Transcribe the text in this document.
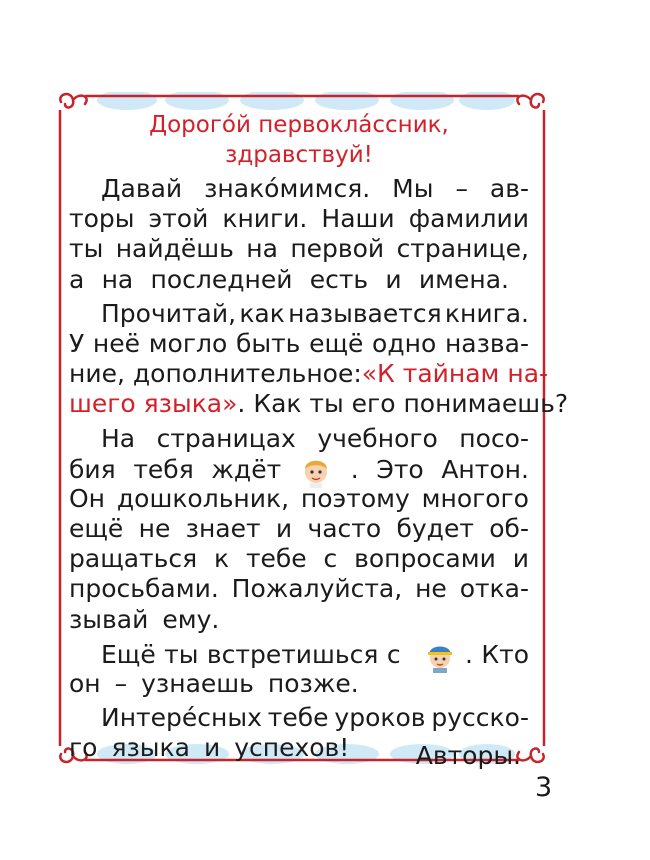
Дорого́й первокла́ссник,

здравствуй!

Давай знако́мимся. Мы – ав-
торы этой книги. Наши фамилии
ты найдёшь на первой странице,
а на последней есть и имена.
Прочитай, как называется книга.
У неё могло быть ещё одно назва-
ние, дополнительное: «К тайнам на-
шего языка» . Как ты его понимаешь?
На страницах учебного посо-
бия тебя ждёт	. Это Антон.
Он дошкольник, поэтому многого
ещё не знает и часто будет об-
ращаться к тебе с вопросами и
просьбами. Пожалуйста, не отка-
зывай ему.
Ещё ты встретишься с	. Кто
он – узнаешь позже.
Интере́сных тебе уроков русско-
го языка и успехов!	Авторы.
3
